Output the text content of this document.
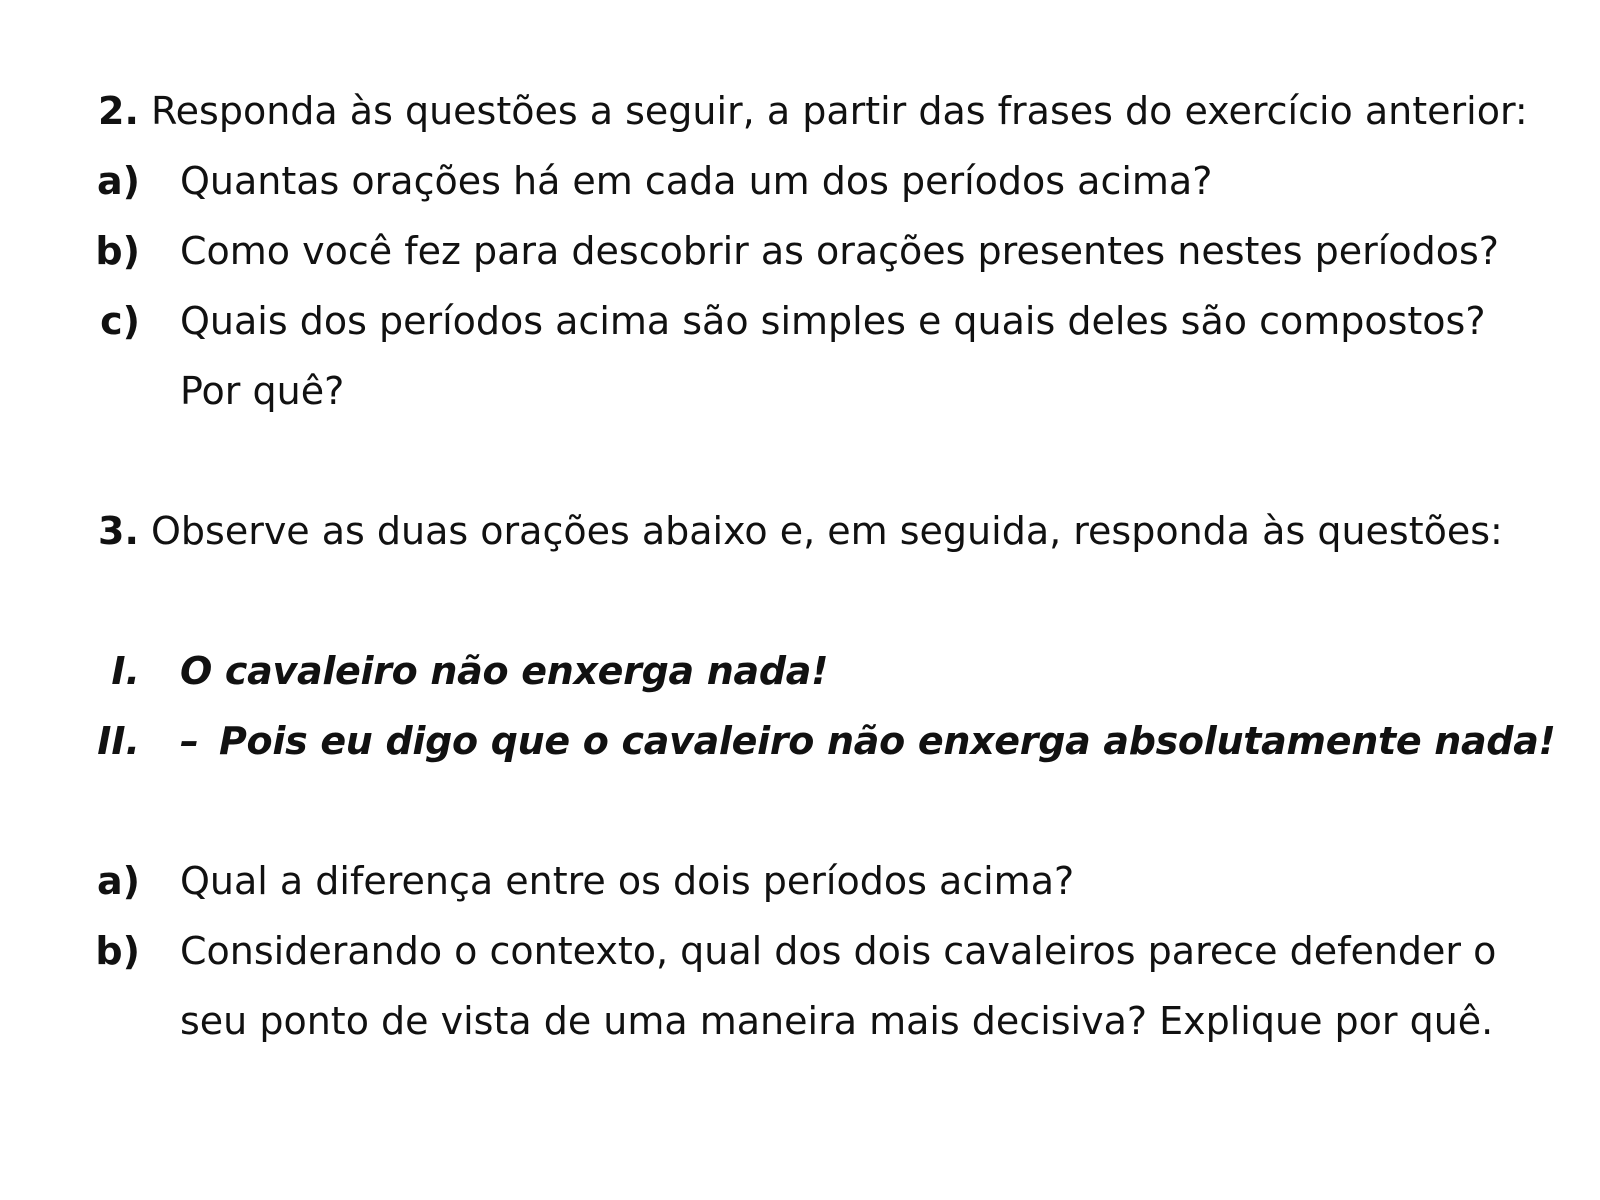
2. Responda às questões a seguir, a partir das frases do exercício anterior:
a) Quantas orações há em cada um dos períodos acima?
b) Como você fez para descobrir as orações presentes nestes períodos?
c) Quais dos períodos acima são simples e quais deles são compostos?
Por quê?
3. Observe as duas orações abaixo e, em seguida, responda às questões:
I. O cavaleiro não enxerga nada!
II. – Pois eu digo que o cavaleiro não enxerga absolutamente nada!
a) Qual a diferença entre os dois períodos acima?
b) Considerando o contexto, qual dos dois cavaleiros parece defender o
seu ponto de vista de uma maneira mais decisiva? Explique por quê.
